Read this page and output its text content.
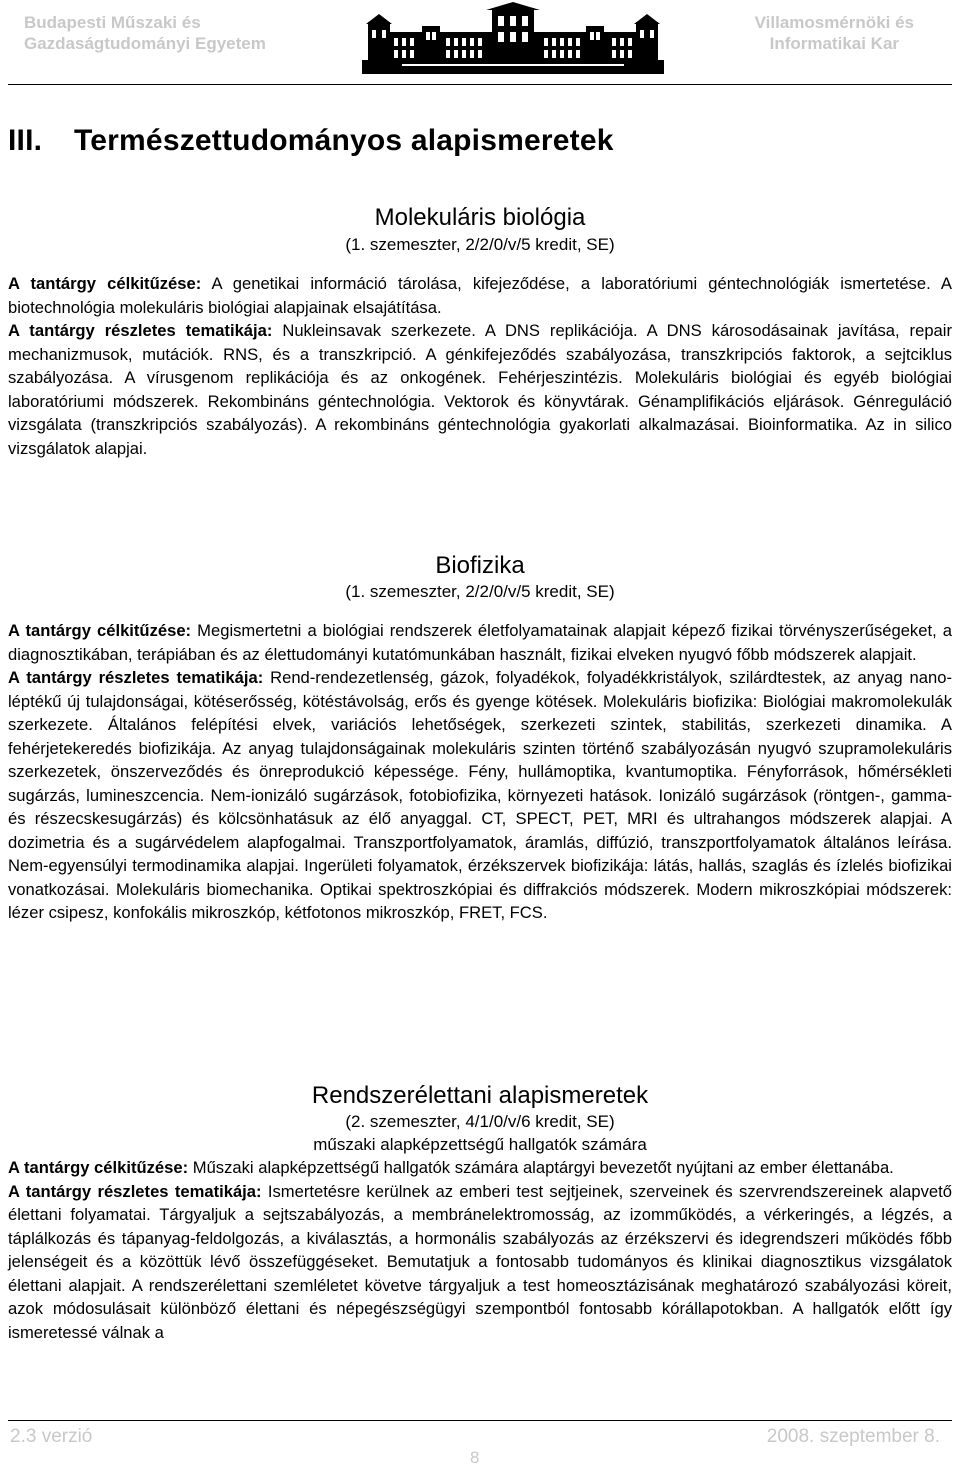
Budapesti Műszaki és
Gazdaságtudományi Egyetem
Villamosmérnöki és
Informatikai Kar
III. Természettudományos alapismeretek

Molekuláris biológia

(1. szemeszter, 2/2/0/v/5 kredit, SE)

A tantárgy célkitűzése: A genetikai információ tárolása, kifejeződése, a laboratóriumi géntechnológiák ismertetése. A biotechnológia molekuláris biológiai alapjainak elsajátítása.

A tantárgy részletes tematikája: Nukleinsavak szerkezete. A DNS replikációja. A DNS károsodásainak javítása, repair mechanizmusok, mutációk. RNS, és a transzkripció. A génkifejeződés szabályozása, transzkripciós faktorok, a sejtciklus szabályozása. A vírusgenom replikációja és az onkogének. Fehérjeszintézis. Molekuláris biológiai és egyéb biológiai laboratóriumi módszerek. Rekombináns géntechnológia. Vektorok és könyvtárak. Génamplifikációs eljárások. Génreguláció vizsgálata (transzkripciós szabályozás). A rekombináns géntechnológia gyakorlati alkalmazásai. Bioinformatika. Az in silico vizsgálatok alapjai.

Biofizika

(1. szemeszter, 2/2/0/v/5 kredit, SE)

A tantárgy célkitűzése: Megismertetni a biológiai rendszerek életfolyamatainak alapjait képező fizikai törvényszerűségeket, a diagnosztikában, terápiában és az élettudományi kutatómunkában használt, fizikai elveken nyugvó főbb módszerek alapjait.

A tantárgy részletes tematikája: Rend-rendezetlenség, gázok, folyadékok, folyadékkristályok, szilárdtestek, az anyag nano-léptékű új tulajdonságai, kötéserősség, kötéstávolság, erős és gyenge kötések. Molekuláris biofizika: Biológiai makromolekulák szerkezete. Általános felépítési elvek, variációs lehetőségek, szerkezeti szintek, stabilitás, szerkezeti dinamika. A fehérjetekeredés biofizikája. Az anyag tulajdonságainak molekuláris szinten történő szabályozásán nyugvó szupramolekuláris szerkezetek, önszerveződés és önreprodukció képessége. Fény, hullámoptika, kvantumoptika. Fényforrások, hőmérsékleti sugárzás, lumineszcencia. Nem-ionizáló sugárzások, fotobiofizika, környezeti hatások. Ionizáló sugárzások (röntgen-, gamma- és részecskesugárzás) és kölcsönhatásuk az élő anyaggal. CT, SPECT, PET, MRI és ultrahangos módszerek alapjai. A dozimetria és a sugárvédelem alapfogalmai. Transzportfolyamatok, áramlás, diffúzió, transzportfolyamatok általános leírása. Nem-egyensúlyi termodinamika alapjai. Ingerületi folyamatok, érzékszervek biofizikája: látás, hallás, szaglás és ízlelés biofizikai vonatkozásai. Molekuláris biomechanika. Optikai spektroszkópiai és diffrakciós módszerek. Modern mikroszkópiai módszerek: lézer csipesz, konfokális mikroszkóp, kétfotonos mikroszkóp, FRET, FCS.

Rendszerélettani alapismeretek

(2. szemeszter, 4/1/0/v/6 kredit, SE)

műszaki alapképzettségű hallgatók számára

A tantárgy célkitűzése: Műszaki alapképzettségű hallgatók számára alaptárgyi bevezetőt nyújtani az ember élettanába.

A tantárgy részletes tematikája: Ismertetésre kerülnek az emberi test sejtjeinek, szerveinek és szervrendszereinek alapvető élettani folyamatai. Tárgyaljuk a sejtszabályozás, a membránelektromosság, az izomműködés, a vérkeringés, a légzés, a táplálkozás és tápanyag-feldolgozás, a kiválasztás, a hormonális szabályozás az érzékszervi és idegrendszeri működés főbb jelenségeit és a közöttük lévő összefüggéseket. Bemutatjuk a fontosabb tudományos és klinikai diagnosztikus vizsgálatok élettani alapjait. A rendszerélettani szemléletet követve tárgyaljuk a test homeosztázisának meghatározó szabályozási köreit, azok módosulásait különböző élettani és népegészségügyi szempontból fontosabb kórállapotokban. A hallgatók előtt így ismeretessé válnak a

2.3 verzió	2008. szeptember 8.
8
